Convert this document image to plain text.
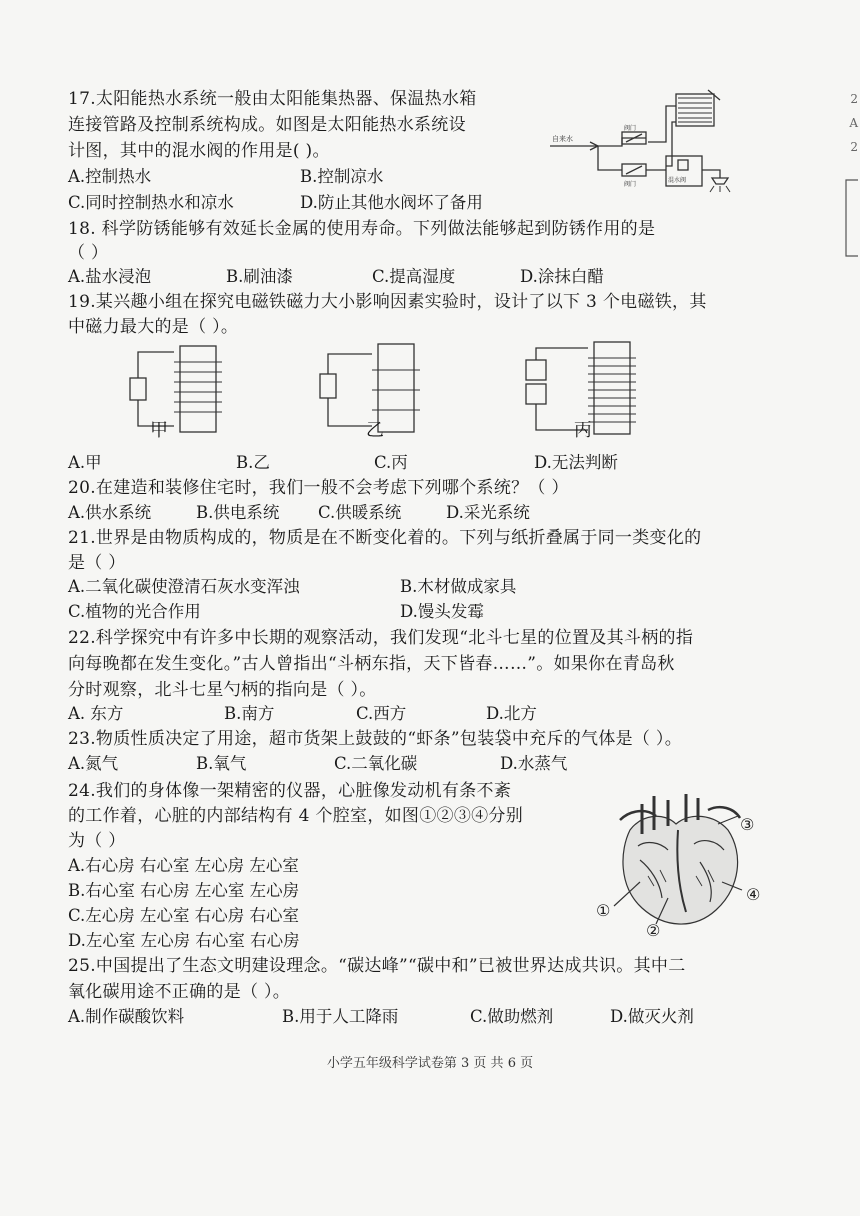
2
A
2
17.太阳能热水系统一般由太阳能集热器、保温热水箱
连接管路及控制系统构成。如图是太阳能热水系统设
计图，其中的混水阀的作用是( )。
A.控制热水	B.控制凉水
C.同时控制热水和凉水	D.防止其他水阀坏了备用
自来水
阀门
阀门
混水阀
18. 科学防锈能够有效延长金属的使用寿命。下列做法能够起到防锈作用的是
（ ）
A.盐水浸泡	B.刷油漆	C.提高湿度	D.涂抹白醋
19.某兴趣小组在探究电磁铁磁力大小影响因素实验时，设计了以下 3 个电磁铁，其
中磁力最大的是（ ）。
甲	乙	丙
A.甲	B.乙	C.丙	D.无法判断
20.在建造和装修住宅时，我们一般不会考虑下列哪个系统？（ ）
A.供水系统	B.供电系统 C.供暖系统	D.采光系统
21.世界是由物质构成的，物质是在不断变化着的。下列与纸折叠属于同一类变化的
是（ ）
A.二氧化碳使澄清石灰水变浑浊	B.木材做成家具
C.植物的光合作用	D.馒头发霉
22.科学探究中有许多中长期的观察活动，我们发现“北斗七星的位置及其斗柄的指
向每晚都在发生变化。”古人曾指出“斗柄东指，天下皆春……”。如果你在青岛秋
分时观察，北斗七星勺柄的指向是（ ）。
A. 东方	B.南方	C.西方	D.北方
23.物质性质决定了用途，超市货架上鼓鼓的“虾条”包装袋中充斥的气体是（ ）。
A.氮气	B.氧气	C.二氧化碳	D.水蒸气
24.我们的身体像一架精密的仪器，心脏像发动机有条不紊
的工作着，心脏的内部结构有 4 个腔室，如图①②③④分别
为（ ）
A.右心房 右心室 左心房 左心室
B.右心室 右心房 左心室 左心房
C.左心房 左心室 右心房 右心室
D.左心室 左心房 右心室 右心房
①
②
③
④
25.中国提出了生态文明建设理念。“碳达峰”“碳中和”已被世界达成共识。其中二
氧化碳用途不正确的是（ ）。
A.制作碳酸饮料	B.用于人工降雨	C.做助燃剂	D.做灭火剂
小学五年级科学试卷第 3 页 共 6 页
